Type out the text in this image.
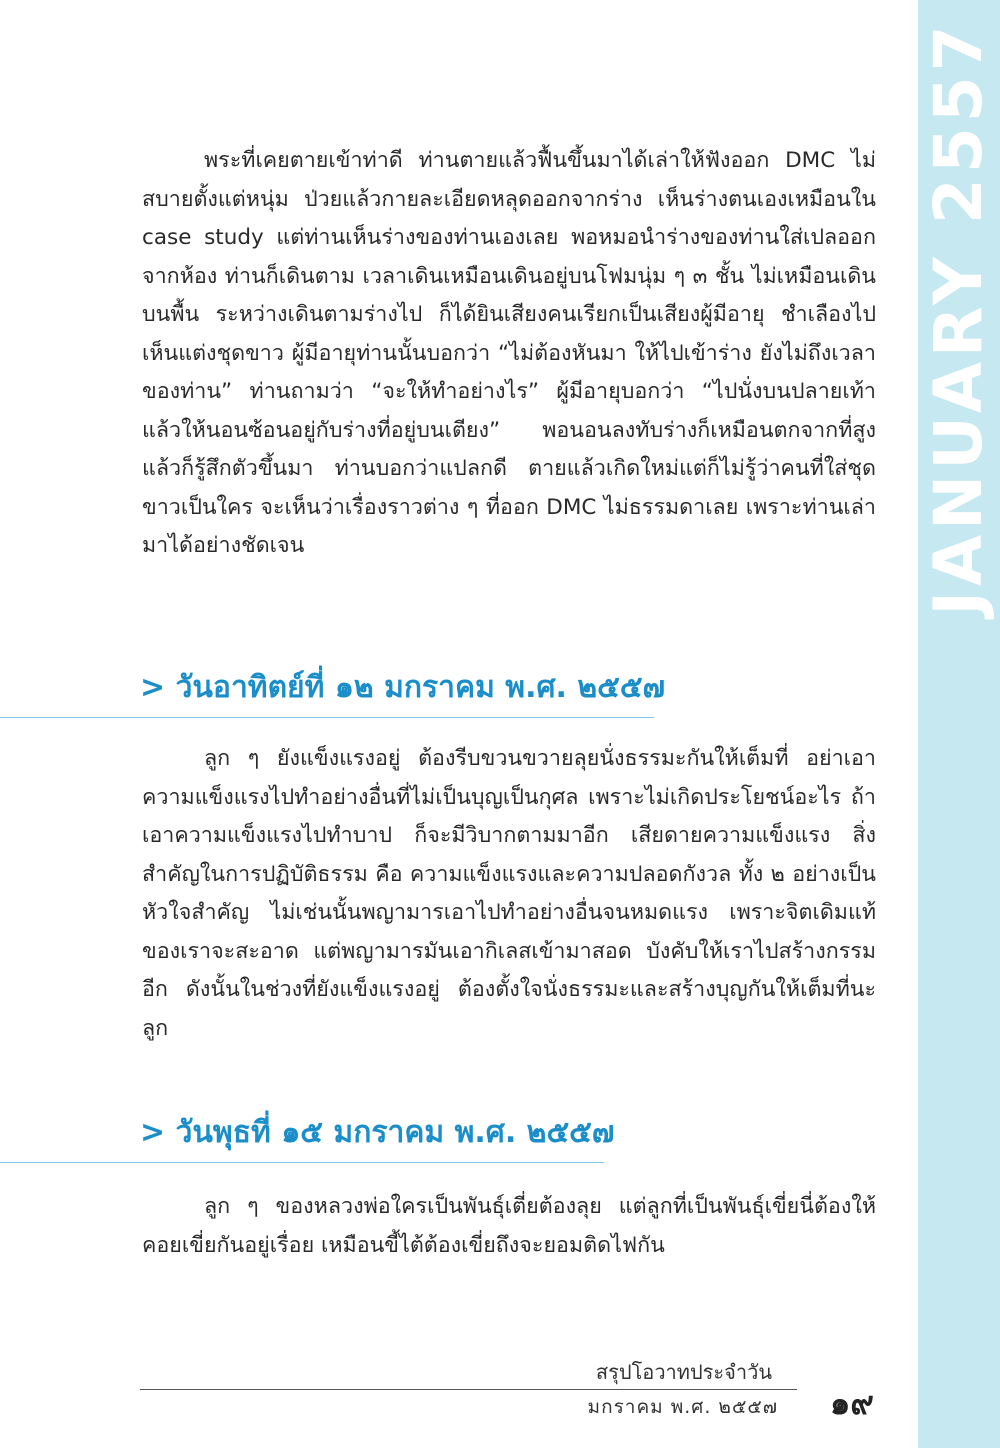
JANUARY 2557

พระที่เคยตายเข้าท่าดี ท่านตายแล้วฟื้นขึ้นมาได้เล่าให้ฟังออก DMC ไม่สบายตั้งแต่หนุ่ม ป่วยแล้วกายละเอียดหลุดออกจากร่าง เห็นร่างตนเองเหมือนใน case study แต่ท่านเห็นร่างของท่านเองเลย พอหมอนำร่างของท่านใส่เปลออกจากห้อง ท่านก็เดินตาม เวลาเดินเหมือนเดินอยู่บนโฟมนุ่ม ๆ ๓ ชั้น ไม่เหมือนเดินบนพื้น ระหว่างเดินตามร่างไป ก็ได้ยินเสียงคนเรียกเป็นเสียงผู้มีอายุ ชำเลืองไปเห็นแต่งชุดขาว ผู้มีอายุท่านนั้นบอกว่า “ไม่ต้องหันมา ให้ไปเข้าร่าง ยังไม่ถึงเวลาของท่าน” ท่านถามว่า “จะให้ทำอย่างไร” ผู้มีอายุบอกว่า “ไปนั่งบนปลายเท้า แล้วให้นอนซ้อนอยู่กับร่างที่อยู่บนเตียง” พอนอนลงทับร่างก็เหมือนตกจากที่สูงแล้วก็รู้สึกตัวขึ้นมา ท่านบอกว่าแปลกดี ตายแล้วเกิดใหม่แต่ก็ไม่รู้ว่าคนที่ใส่ชุดขาวเป็นใคร จะเห็นว่าเรื่องราวต่าง ๆ ที่ออก DMC ไม่ธรรมดาเลย เพราะท่านเล่ามาได้อย่างชัดเจน

> วันอาทิตย์ที่ ๑๒ มกราคม พ.ศ. ๒๕๕๗

ลูก ๆ ยังแข็งแรงอยู่ ต้องรีบขวนขวายลุยนั่งธรรมะกันให้เต็มที่ อย่าเอาความแข็งแรงไปทำอย่างอื่นที่ไม่เป็นบุญเป็นกุศล เพราะไม่เกิดประโยชน์อะไร ถ้าเอาความแข็งแรงไปทำบาป ก็จะมีวิบากตามมาอีก เสียดายความแข็งแรง สิ่งสำคัญในการปฏิบัติธรรม คือ ความแข็งแรงและความปลอดกังวล ทั้ง ๒ อย่างเป็นหัวใจสำคัญ ไม่เช่นนั้นพญามารเอาไปทำอย่างอื่นจนหมดแรง เพราะจิตเดิมแท้ของเราจะสะอาด แต่พญามารมันเอากิเลสเข้ามาสอด บังคับให้เราไปสร้างกรรมอีก ดังนั้นในช่วงที่ยังแข็งแรงอยู่ ต้องตั้งใจนั่งธรรมะและสร้างบุญกันให้เต็มที่นะลูก

> วันพุธที่ ๑๕ มกราคม พ.ศ. ๒๕๕๗

ลูก ๆ ของหลวงพ่อใครเป็นพันธุ์เตี่ยต้องลุย แต่ลูกที่เป็นพันธุ์เขี่ยนี่ต้องให้คอยเขี่ยกันอยู่เรื่อย เหมือนขี้ไต้ต้องเขี่ยถึงจะยอมติดไฟกัน

สรุปโอวาทประจำวัน
มกราคม พ.ศ. ๒๕๕๗ ๑๙
